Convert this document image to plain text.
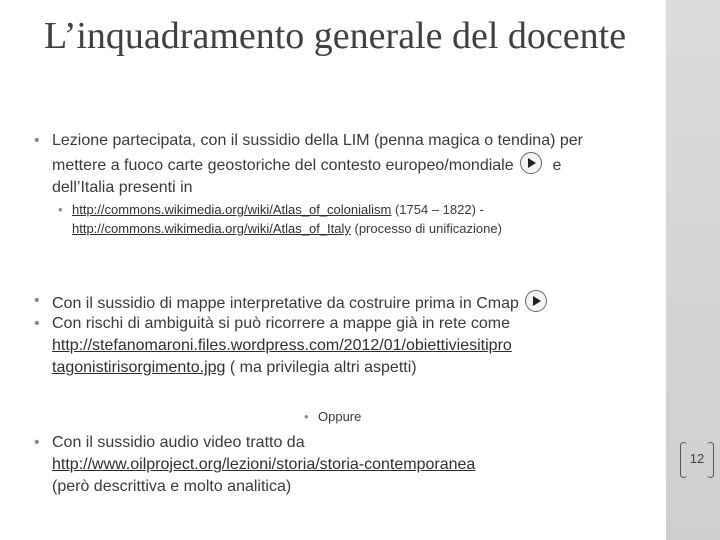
L’inquadramento generale del docente
• Lezione partecipata, con il sussidio della LIM (penna magica o tendina) per mettere a fuoco carte geostoriche del contesto europeo/mondiale e dell’Italia presenti in
• http://commons.wikimedia.org/wiki/Atlas_of_colonialism (1754 – 1822) - http://commons.wikimedia.org/wiki/Atlas_of_Italy (processo di unificazione)
• Con il sussidio di mappe interpretative da costruire prima in Cmap
• Con rischi di ambiguità si può ricorrere a mappe già in rete come
http://stefanomaroni.files.wordpress.com/2012/01/obiettiviesitipro
tagonistirisorgimento.jpg ( ma privilegia altri aspetti)
• Oppure
• Con il sussidio audio video tratto da
http://www.oilproject.org/lezioni/storia/storia-contemporanea
(però descrittiva e molto analitica)
12
